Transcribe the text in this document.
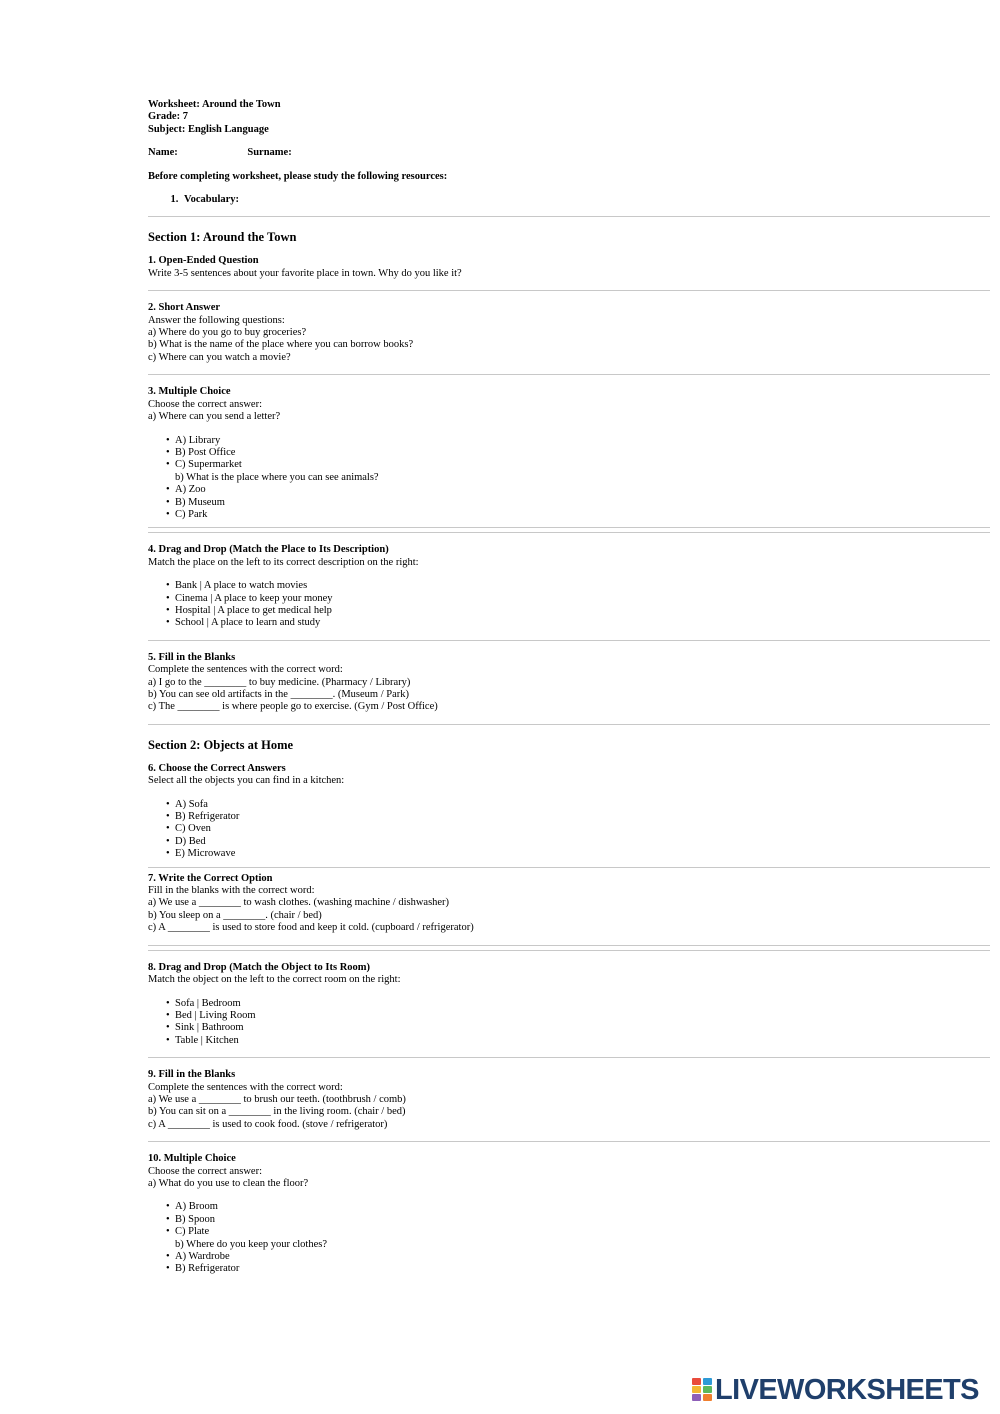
Worksheet: Around the Town
Grade: 7
Subject: English Language
Name:	Surname:
Before completing worksheet, please study the following resources:
1. Vocabulary:
Section 1: Around the Town
1. Open-Ended Question
Write 3-5 sentences about your favorite place in town. Why do you like it?
2. Short Answer
Answer the following questions:
a) Where do you go to buy groceries?
b) What is the name of the place where you can borrow books?
c) Where can you watch a movie?
3. Multiple Choice
Choose the correct answer:
a) Where can you send a letter?
• A) Library
• B) Post Office
• C) Supermarket
b) What is the place where you can see animals?
• A) Zoo
• B) Museum
• C) Park
4. Drag and Drop (Match the Place to Its Description)
Match the place on the left to its correct description on the right:
• Bank | A place to watch movies
• Cinema | A place to keep your money
• Hospital | A place to get medical help
• School | A place to learn and study
5. Fill in the Blanks
Complete the sentences with the correct word:
a) I go to the ________ to buy medicine. (Pharmacy / Library)
b) You can see old artifacts in the ________. (Museum / Park)
c) The ________ is where people go to exercise. (Gym / Post Office)
Section 2: Objects at Home
6. Choose the Correct Answers
Select all the objects you can find in a kitchen:
• A) Sofa
• B) Refrigerator
• C) Oven
• D) Bed
• E) Microwave
7. Write the Correct Option
Fill in the blanks with the correct word:
a) We use a ________ to wash clothes. (washing machine / dishwasher)
b) You sleep on a ________. (chair / bed)
c) A ________ is used to store food and keep it cold. (cupboard / refrigerator)
8. Drag and Drop (Match the Object to Its Room)
Match the object on the left to the correct room on the right:
• Sofa | Bedroom
• Bed | Living Room
• Sink | Bathroom
• Table | Kitchen
9. Fill in the Blanks
Complete the sentences with the correct word:
a) We use a ________ to brush our teeth. (toothbrush / comb)
b) You can sit on a ________ in the living room. (chair / bed)
c) A ________ is used to cook food. (stove / refrigerator)
10. Multiple Choice
Choose the correct answer:
a) What do you use to clean the floor?
• A) Broom
• B) Spoon
• C) Plate
b) Where do you keep your clothes?
• A) Wardrobe
• B) Refrigerator
LIVEWORKSHEETS
